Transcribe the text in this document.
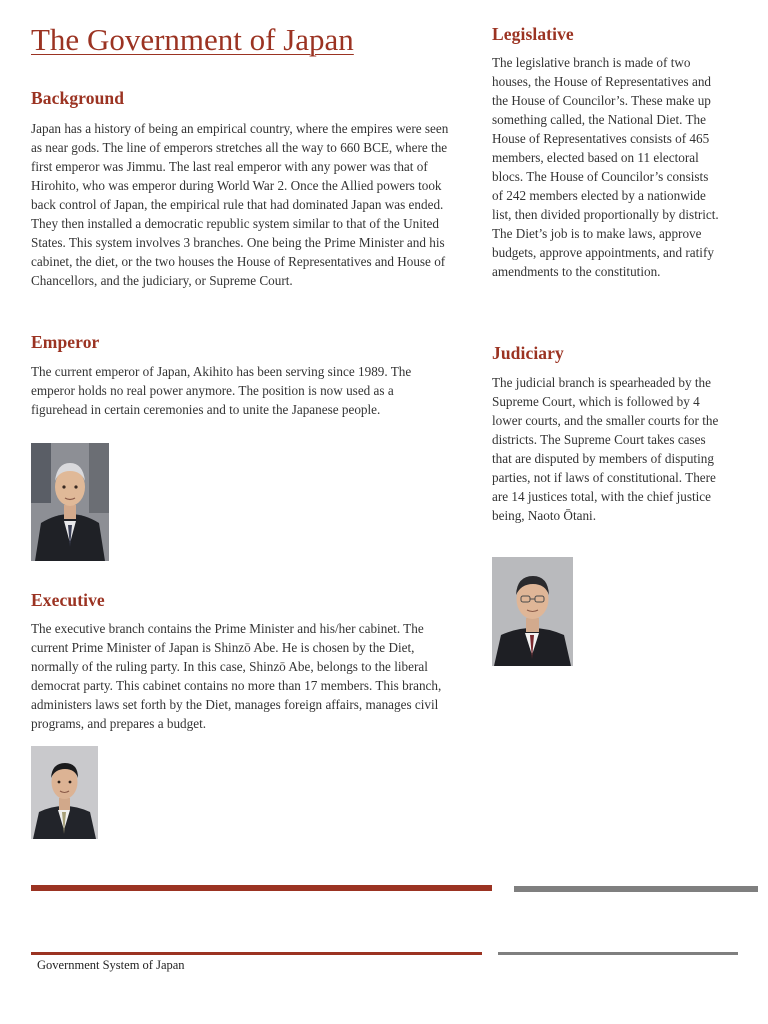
The Government of Japan
Background

Japan has a history of being an empirical country, where the empires were seen as near gods. The line of emperors stretches all the way to 660 BCE, where the first emperor was Jimmu. The last real emperor with any power was that of Hirohito, who was emperor during World War 2. Once the Allied powers took back control of Japan, the empirical rule that had dominated Japan was ended. They then installed a democratic republic system similar to that of the United States. This system involves 3 branches. One being the Prime Minister and his cabinet, the diet, or the two houses the House of Representatives and House of Chancellors, and the judiciary, or Supreme Court.

Emperor

The current emperor of Japan, Akihito has been serving since 1989. The emperor holds no real power anymore. The position is now used as a figurehead in certain ceremonies and to unite the Japanese people.

Executive

The executive branch contains the Prime Minister and his/her cabinet. The current Prime Minister of Japan is Shinzō Abe. He is chosen by the Diet, normally of the ruling party. In this case, Shinzō Abe, belongs to the liberal democrat party. This cabinet contains no more than 17 members. This branch, administers laws set forth by the Diet, manages foreign affairs, manages civil programs, and prepares a budget.

Legislative

The legislative branch is made of two houses, the House of Representatives and the House of Councilor’s. These make up something called, the National Diet. The House of Representatives consists of 465 members, elected based on 11 electoral blocs. The House of Councilor’s consists of 242 members elected by a nationwide list, then divided proportionally by district. The Diet’s job is to make laws, approve budgets, approve appointments, and ratify amendments to the constitution.

Judiciary

The judicial branch is spearheaded by the Supreme Court, which is followed by 4 lower courts, and the smaller courts for the districts. The Supreme Court takes cases that are disputed by members of disputing parties, not if laws of constitutional. There are 14 justices total, with the chief justice being, Naoto Ōtani.

Government System of Japan
